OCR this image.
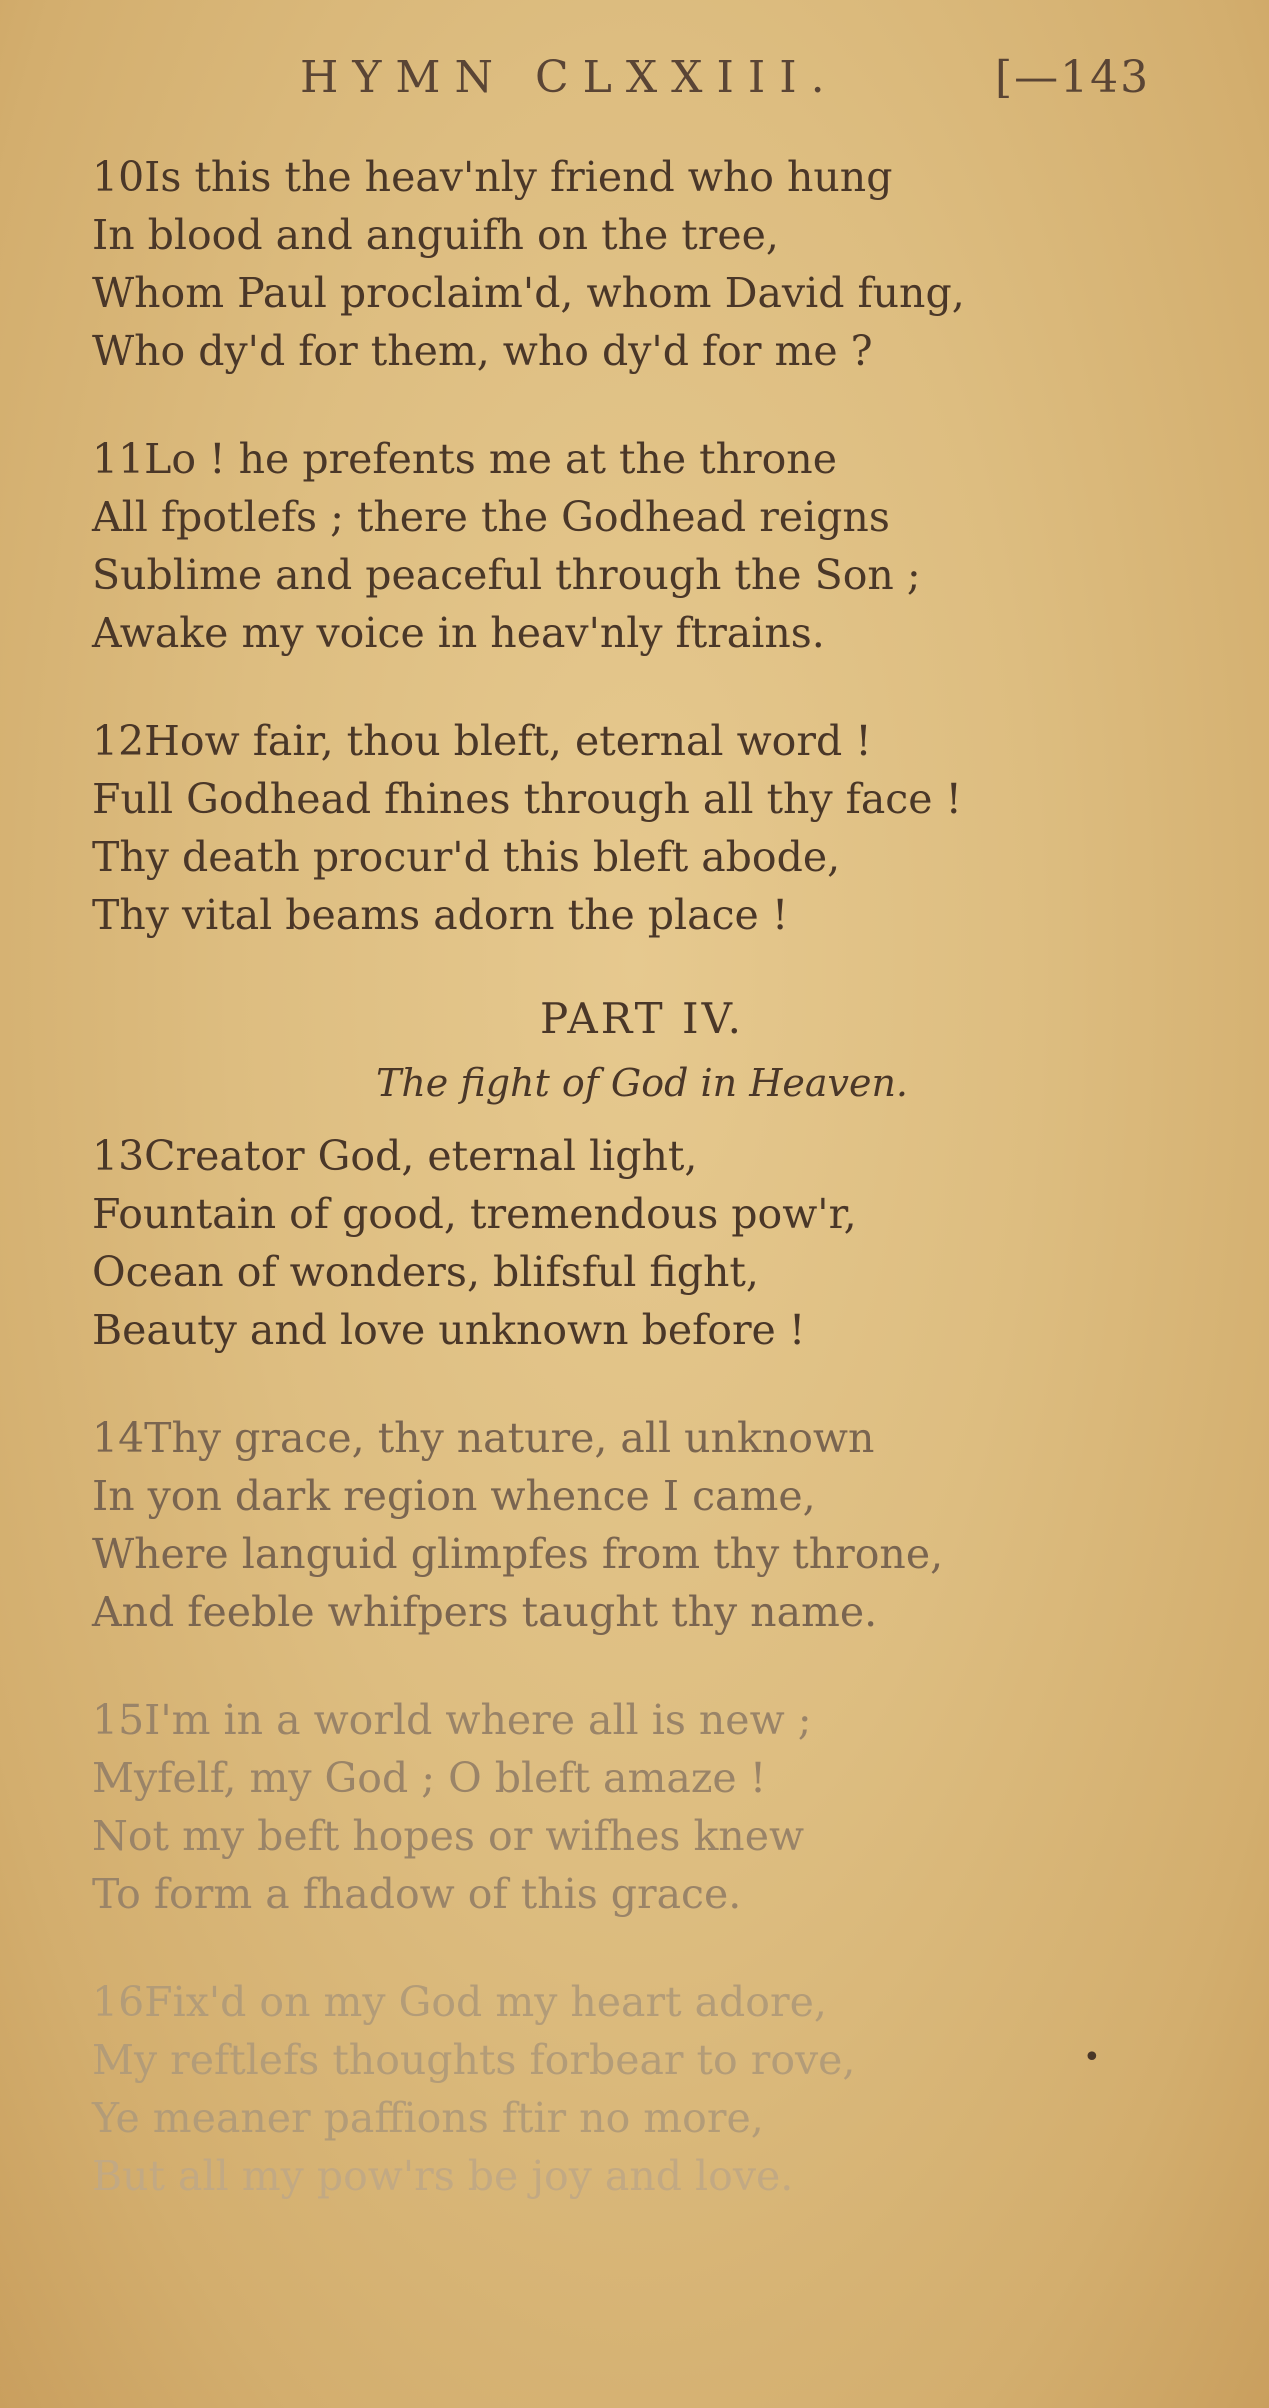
HYMN CLXXIII.	[—143
10Is this the heav'nly friend who hung
In blood and anguifh on the tree,
Whom Paul proclaim'd, whom David fung,
Who dy'd for them, who dy'd for me ?
11Lo ! he prefents me at the throne
All fpotlefs ; there the Godhead reigns
Sublime and peaceful through the Son ;
Awake my voice in heav'nly ftrains.
12How fair, thou bleft, eternal word !
Full Godhead fhines through all thy face !
Thy death procur'd this bleft abode,
Thy vital beams adorn the place !
PART IV.
The fight of God in Heaven.
13Creator God, eternal light,
Fountain of good, tremendous pow'r,
Ocean of wonders, blifsful fight,
Beauty and love unknown before !
14Thy grace, thy nature, all unknown
In yon dark region whence I came,
Where languid glimpfes from thy throne,
And feeble whifpers taught thy name.
15I'm in a world where all is new ;
Myfelf, my God ; O bleft amaze !
Not my beft hopes or wifhes knew
To form a fhadow of this grace.
16Fix'd on my God my heart adore,
My reftlefs thoughts forbear to rove,
Ye meaner paffions ftir no more,
But all my pow'rs be joy and love.
•
